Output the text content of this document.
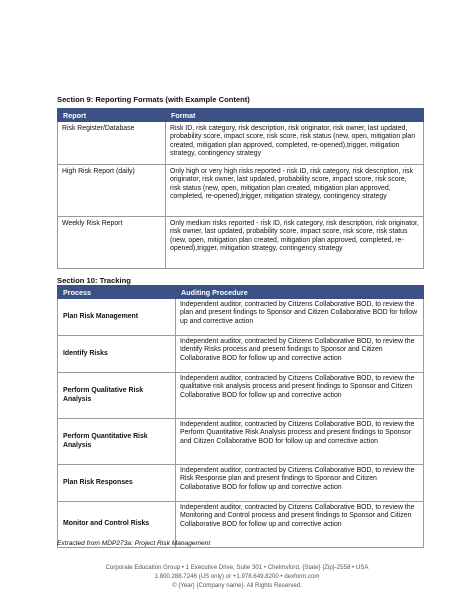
Section 9: Reporting Formats (with Example Content)
Report	Format
Risk Register/Database	Risk ID, risk category, risk description, risk originator, risk owner, last updated, probability score, impact score, risk score, risk status (new, open, mitigation plan created, mitigation plan approved, completed, re-opened),trigger, mitigation strategy, contingency strategy
High Risk Report (daily)	Only high or very high risks reported - risk ID, risk category, risk description, risk originator, risk owner, last updated, probability score, impact score, risk score, risk status (new, open, mitigation plan created, mitigation plan approved, completed, re-opened),trigger, mitigation strategy, contingency strategy
Weekly Risk Report	Only medium risks reported - risk ID, risk category, risk description, risk originator, risk owner, last updated, probability score, impact score, risk score, risk status (new, open, mitigation plan created, mitigation plan approved, completed, re-opened),trigger, mitigation strategy, contingency strategy
Section 10: Tracking
Process	Auditing Procedure
Plan Risk Management	Independent auditor, contracted by Citizens Collaborative BOD, to review the plan and present findings to Sponsor and Citizen Collaborative BOD for follow up and corrective action
Identify Risks	Independent auditor, contracted by Citizens Collaborative BOD, to review the Identify Risks process and present findings to Sponsor and Citizen Collaborative BOD for follow up and corrective action
Perform Qualitative Risk Analysis	Independent auditor, contracted by Citizens Collaborative BOD, to review the qualitative risk analysis process and present findings to Sponsor and Citizen Collaborative BOD for follow up and corrective action
Perform Quantitative Risk Analysis	Independent auditor, contracted by Citizens Collaborative BOD, to review the Perform Quantitative Risk Analysis process and present findings to Sponsor and Citizen Collaborative BOD for follow up and corrective action
Plan Risk Responses	Independent auditor, contracted by Citizens Collaborative BOD, to review the Risk Response plan and present findings to Sponsor and Citizen Collaborative BOD for follow up and corrective action
Monitor and Control Risks	Independent auditor, contracted by Citizens Collaborative BOD, to review the Monitoring and Control process and present findings to Sponsor and Citizen Collaborative BOD for follow up and corrective action
Extracted from MDP273a: Project Risk Management
Corporate Education Group • 1 Executive Drive, Suite 301 • Chelmsford, {State} {Zip}-2558 • USA
1.800.288.7246 (US only) or +1.978.649.8200 • dexform.com
© {Year} {Company name}. All Rights Reserved.
